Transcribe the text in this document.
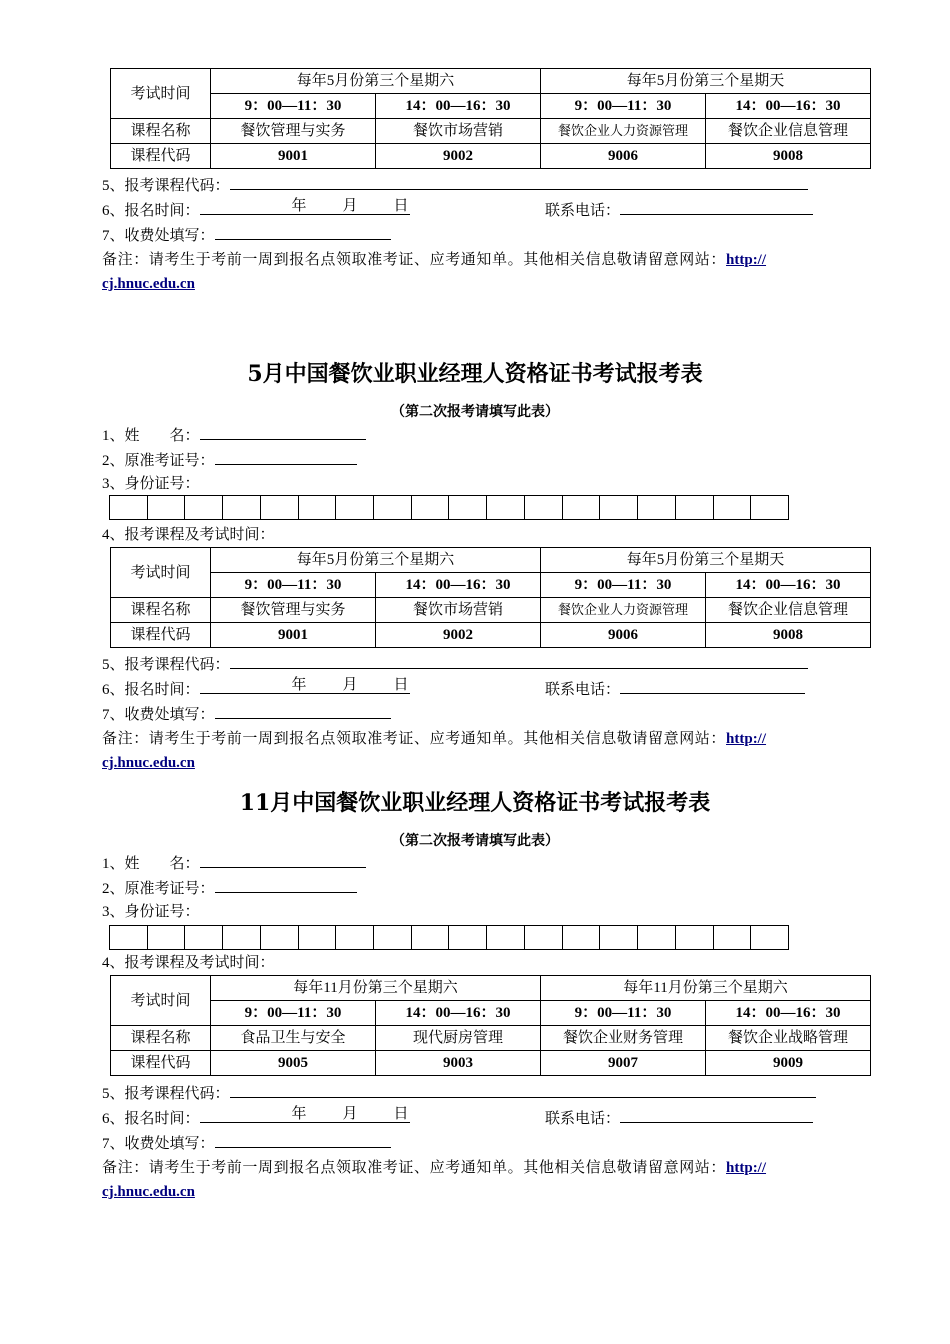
考试时间	每年5月份第三个星期六		每年5月份第三个星期天	
	9：00—11：30	14：00—16：30	9：00—11：30	14：00—16：30
课程名称	餐饮管理与实务	餐饮市场营销	餐饮企业人力资源管理	餐饮企业信息管理
课程代码	9001	9002	9006	9008
5、报考课程代码：
6、报名时间：	年 月 日	联系电话：
7、收费处填写：
备注：请考生于考前一周到报名点领取准考证、应考通知单。其他相关信息敬请留意网站：http://
cj.hnuc.edu.cn
5月中国餐饮业职业经理人资格证书考试报考表
（第二次报考请填写此表）
1、姓　　名：
2、原准考证号：
3、身份证号：
4、报考课程及考试时间：
考试时间	每年5月份第三个星期六		每年5月份第三个星期天	
	9：00—11：30	14：00—16：30	9：00—11：30	14：00—16：30
课程名称	餐饮管理与实务	餐饮市场营销	餐饮企业人力资源管理	餐饮企业信息管理
课程代码	9001	9002	9006	9008
5、报考课程代码：
6、报名时间：	年 月 日	联系电话：
7、收费处填写：
备注：请考生于考前一周到报名点领取准考证、应考通知单。其他相关信息敬请留意网站：http://
cj.hnuc.edu.cn
11月中国餐饮业职业经理人资格证书考试报考表
（第二次报考请填写此表）
1、姓　　名：
2、原准考证号：
3、身份证号：
4、报考课程及考试时间：
考试时间	每年11月份第三个星期六		每年11月份第三个星期六	
	9：00—11：30	14：00—16：30	9：00—11：30	14：00—16：30
课程名称	食品卫生与安全	现代厨房管理	餐饮企业财务管理	餐饮企业战略管理
课程代码	9005	9003	9007	9009
5、报考课程代码：
6、报名时间：	年 月 日	联系电话：
7、收费处填写：
备注：请考生于考前一周到报名点领取准考证、应考通知单。其他相关信息敬请留意网站：http://
cj.hnuc.edu.cn
